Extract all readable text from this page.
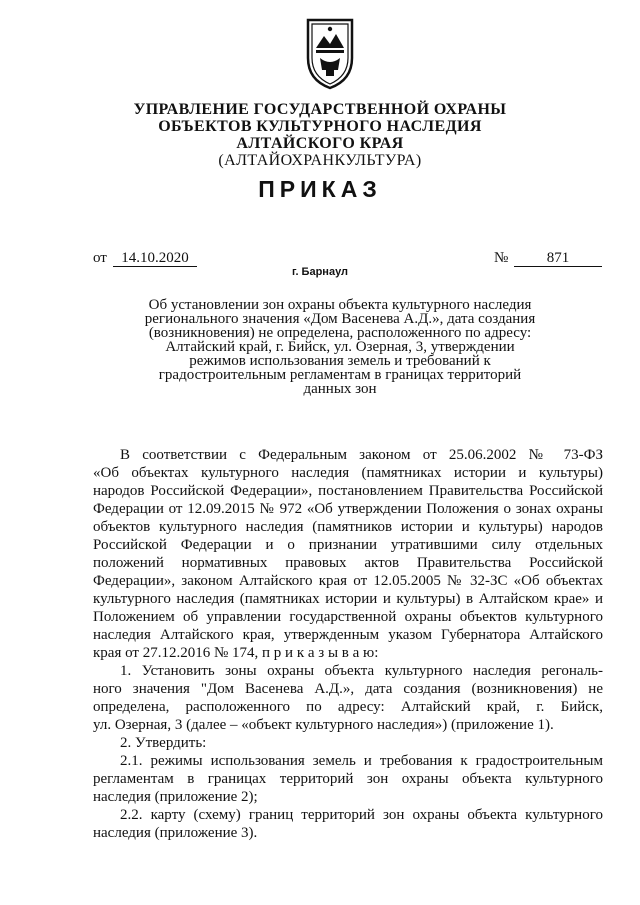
УПРАВЛЕНИЕ ГОСУДАРСТВЕННОЙ ОХРАНЫ
ОБЪЕКТОВ КУЛЬТУРНОГО НАСЛЕДИЯ
АЛТАЙСКОГО КРАЯ
(АЛТАЙОХРАНКУЛЬТУРА)
ПРИКАЗ
от 14.10.2020	№	871
г. Барнаул
Об установлении зон охраны объекта культурного наследия
регионального значения «Дом Васенева А.Д.», дата создания
(возникновения) не определена, расположенного по адресу:
Алтайский край, г. Бийск, ул. Озерная, 3, утверждении
режимов использования земель и требований к
градостроительным регламентам в границах территорий
данных зон
В соответствии с Федеральным законом от 25.06.2002 № 73-ФЗ
«Об объектах культурного наследия (памятниках истории и культуры)
народов Российской Федерации», постановлением Правительства Российской
Федерации от 12.09.2015 № 972 «Об утверждении Положения о зонах охраны
объектов культурного наследия (памятников истории и культуры) народов
Российской Федерации и о признании утратившими силу отдельных
положений нормативных правовых актов Правительства Российской
Федерации», законом Алтайского края от 12.05.2005 № 32-ЗС «Об объектах
культурного наследия (памятниках истории и культуры) в Алтайском крае» и
Положением об управлении государственной охраны объектов культурного
наследия Алтайского края, утвержденным указом Губернатора Алтайского
края от 27.12.2016 № 174, п р и к а з ы в а ю:
1. Установить зоны охраны объекта культурного наследия регональ-
ного значения "Дом Васенева А.Д.», дата создания (возникновения) не
определена, расположенного по адресу: Алтайский край, г. Бийск,
ул. Озерная, 3 (далее – «объект культурного наследия») (приложение 1).
2. Утвердить:
2.1. режимы использования земель и требования к градостроительным
регламентам в границах территорий зон охраны объекта культурного
наследия (приложение 2);
2.2. карту (схему) границ территорий зон охраны объекта культурного
наследия (приложение 3).
